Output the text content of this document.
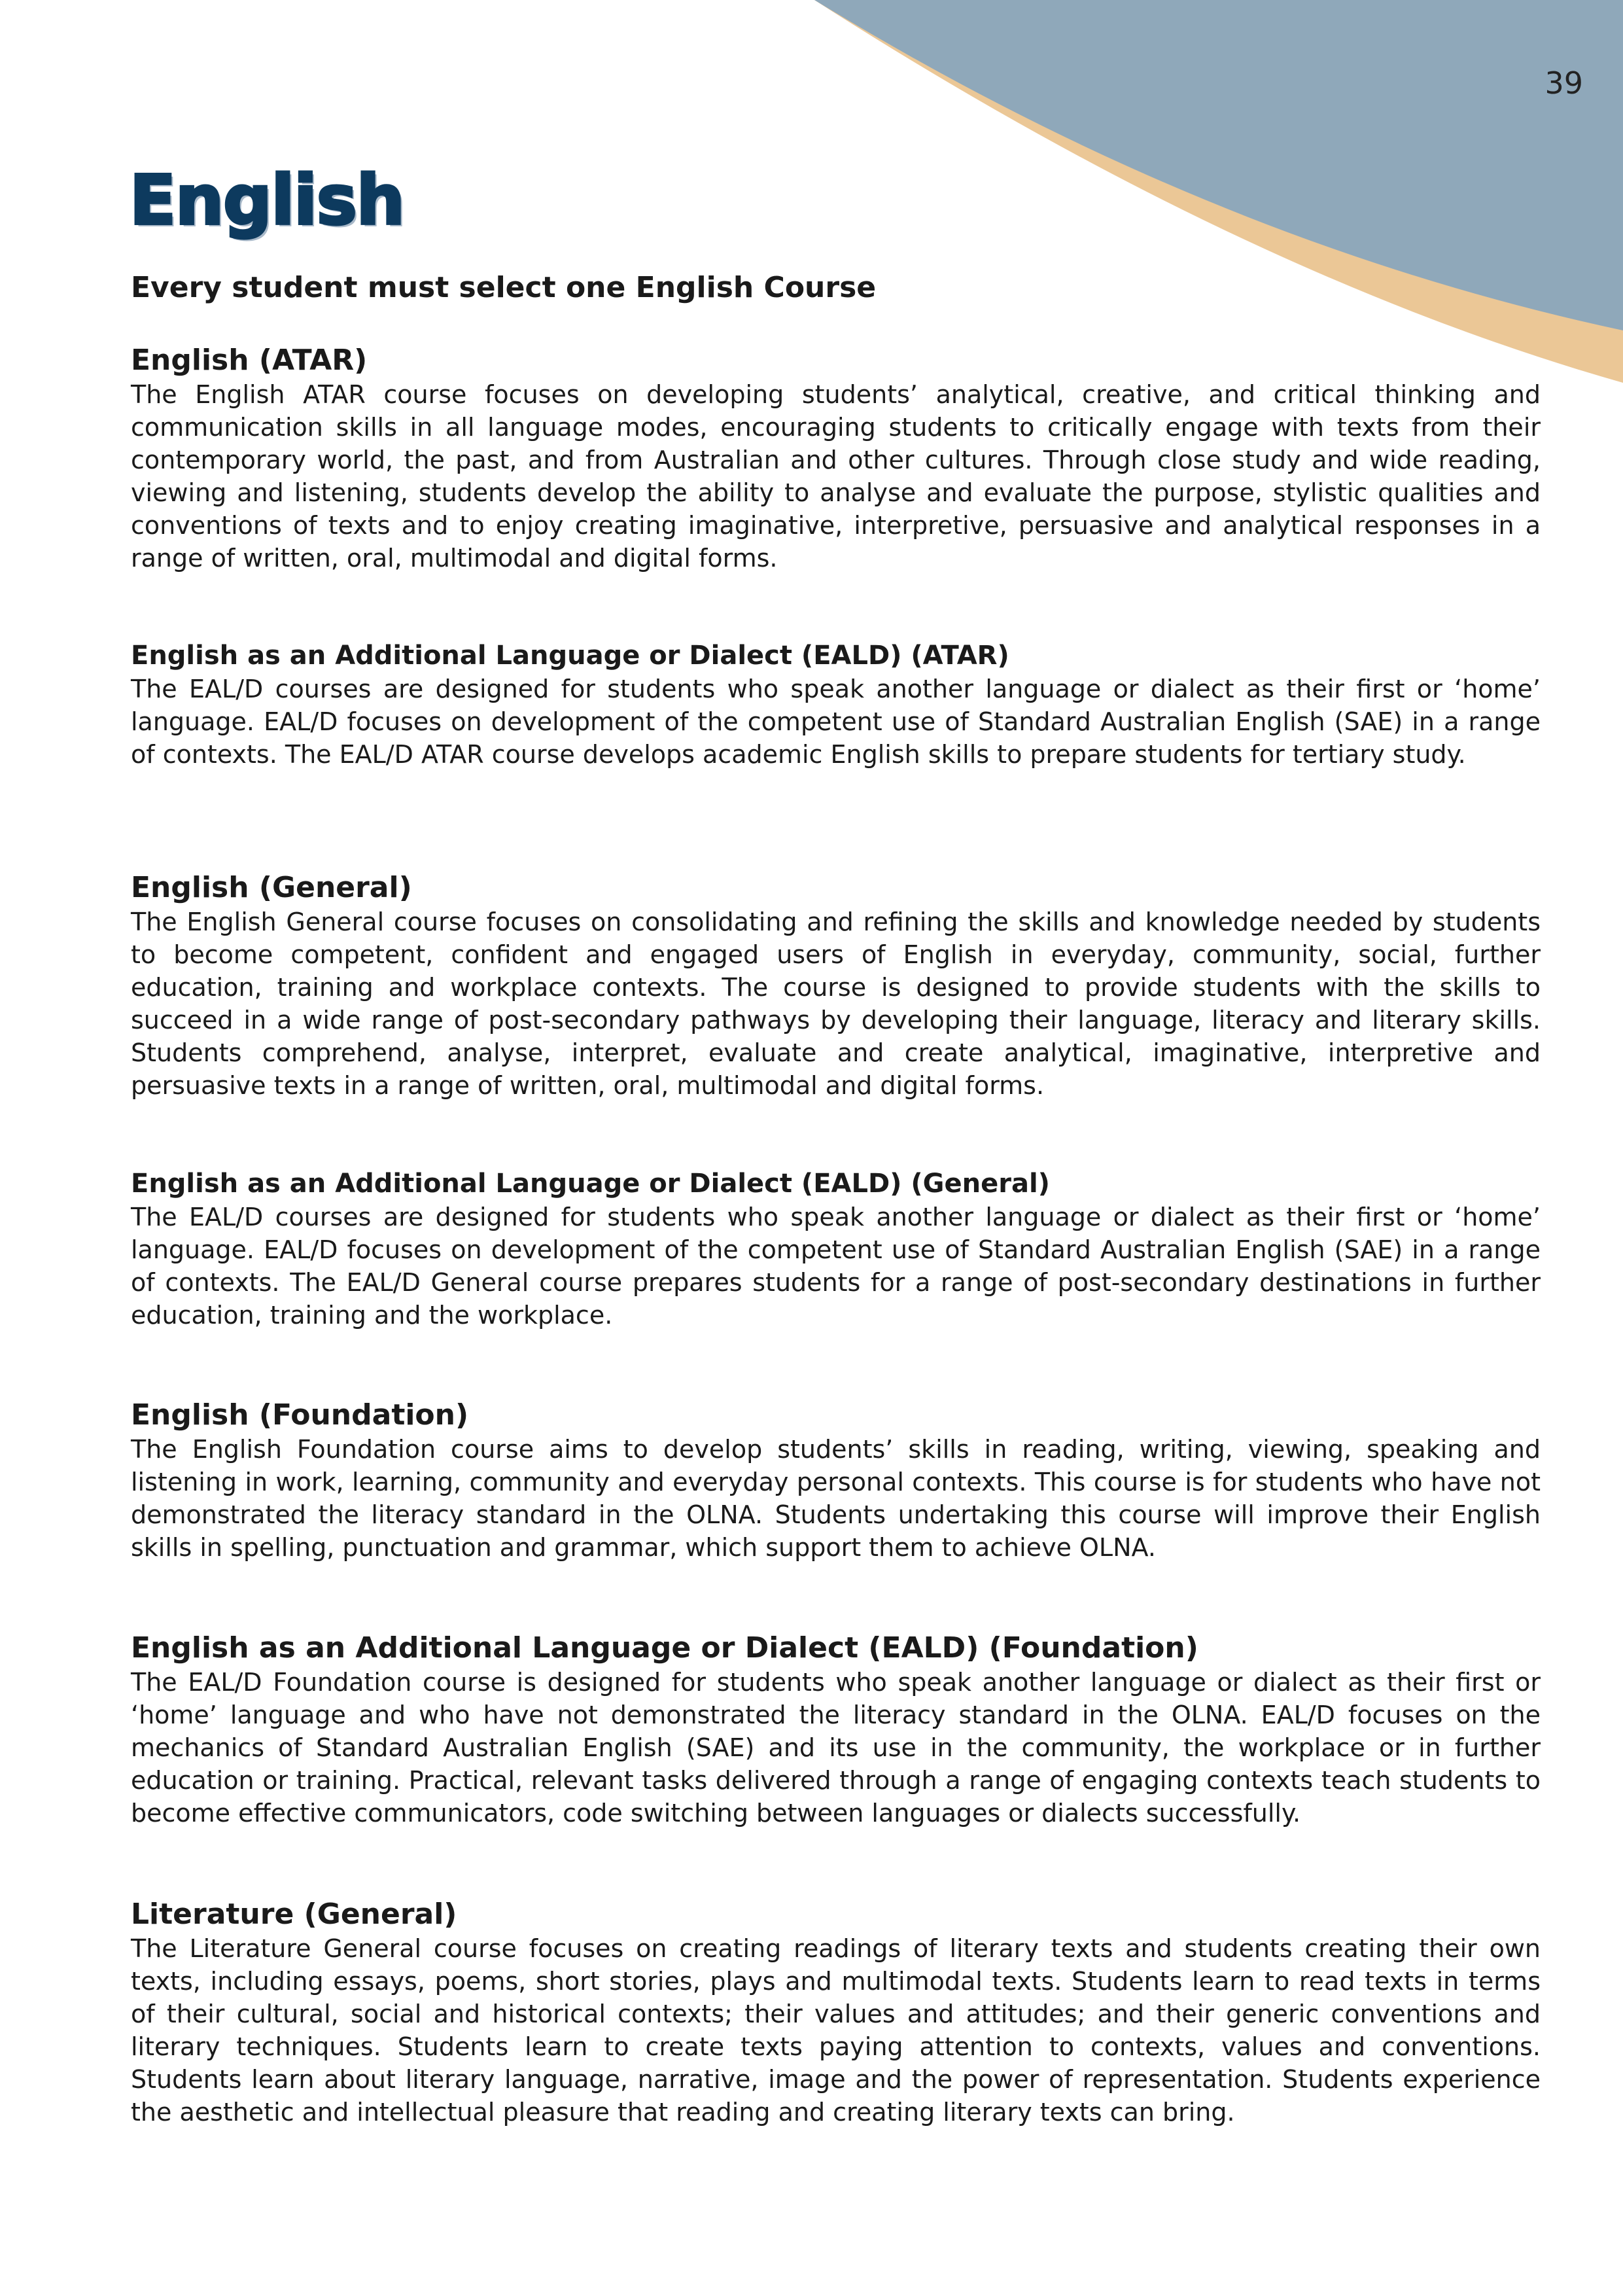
39
English
Every student must select one English Course
English (ATAR)

The English ATAR course focuses on developing students’ analytical, creative, and critical thinking and communication skills in all language modes, encouraging students to critically engage with texts from their contemporary world, the past, and from Australian and other cultures. Through close study and wide reading, viewing and listening, students develop the ability to analyse and evaluate the purpose, stylistic qualities and conventions of texts and to enjoy creating imaginative, interpretive, persuasive and analytical responses in a range of written, oral, multimodal and digital forms.

English as an Additional Language or Dialect (EALD) (ATAR)

The EAL/D courses are designed for students who speak another language or dialect as their first or ‘home’ language. EAL/D focuses on development of the competent use of Standard Australian English (SAE) in a range of contexts. The EAL/D ATAR course develops academic English skills to prepare students for tertiary study.

English (General)

The English General course focuses on consolidating and refining the skills and knowledge needed by students to become competent, confident and engaged users of English in everyday, community, social, further education, training and workplace contexts. The course is designed to provide students with the skills to succeed in a wide range of post-secondary pathways by developing their language, literacy and literary skills. Students comprehend, analyse, interpret, evaluate and create analytical, imaginative, interpretive and persuasive texts in a range of written, oral, multimodal and digital forms.

English as an Additional Language or Dialect (EALD) (General)

The EAL/D courses are designed for students who speak another language or dialect as their first or ‘home’ language. EAL/D focuses on development of the competent use of Standard Australian English (SAE) in a range of contexts. The EAL/D General course prepares students for a range of post-secondary destinations in further education, training and the workplace.

English (Foundation)

The English Foundation course aims to develop students’ skills in reading, writing, viewing, speaking and listening in work, learning, community and everyday personal contexts. This course is for students who have not demonstrated the literacy standard in the OLNA. Students undertaking this course will improve their English skills in spelling, punctuation and grammar, which support them to achieve OLNA.

English as an Additional Language or Dialect (EALD) (Foundation)

The EAL/D Foundation course is designed for students who speak another language or dialect as their first or ‘home’ language and who have not demonstrated the literacy standard in the OLNA. EAL/D focuses on the mechanics of Standard Australian English (SAE) and its use in the community, the workplace or in further education or training. Practical, relevant tasks delivered through a range of engaging contexts teach students to become effective communicators, code switching between languages or dialects successfully.

Literature (General)

The Literature General course focuses on creating readings of literary texts and students creating their own texts, including essays, poems, short stories, plays and multimodal texts. Students learn to read texts in terms of their cultural, social and historical contexts; their values and attitudes; and their generic conventions and literary techniques. Students learn to create texts paying attention to contexts, values and conventions. Students learn about literary language, narrative, image and the power of representation. Students experience the aesthetic and intellectual pleasure that reading and creating literary texts can bring.
